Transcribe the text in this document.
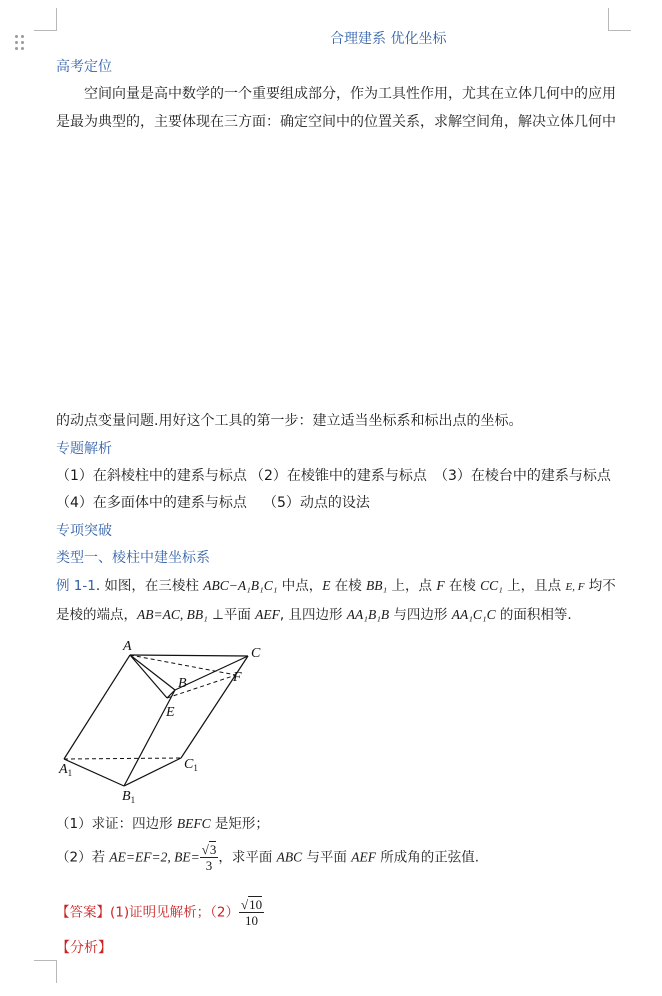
合理建系 优化坐标
高考定位
空间向量是高中数学的一个重要组成部分，作为工具性作用，尤其在立体几何中的应用
是最为典型的，主要体现在三方面：确定空间中的位置关系，求解空间角，解决立体几何中
的动点变量问题.用好这个工具的第一步：建立适当坐标系和标出点的坐标。
专题解析
（1）在斜棱柱中的建系与标点 （2）在棱锥中的建系与标点 （3）在棱台中的建系与标点
（4）在多面体中的建系与标点 （5）动点的设法
专项突破
类型一、棱柱中建坐标系
例 1-1. 如图，在三棱柱 ABC−A₁B₁C₁ 中点，E 在棱 BB₁ 上，点 F 在棱 CC₁ 上，且点 E, F 均不
是棱的端点，AB=AC, BB₁ ⊥平面 AEF, 且四边形 AA₁B₁B 与四边形 AA₁C₁C 的面积相等.
A	C
B	F
E
$A_1$
$C_1$
$B_1$
（1）求证：四边形 BEFC 是矩形；
（2）若 AE=EF=2, $BE= \frac{√3}{3}$ ，求平面 ABC 与平面 AEF 所成角的正弦值.
【答案】(1)证明见解析；$(2) \frac{√10}{10}$
【分析】
